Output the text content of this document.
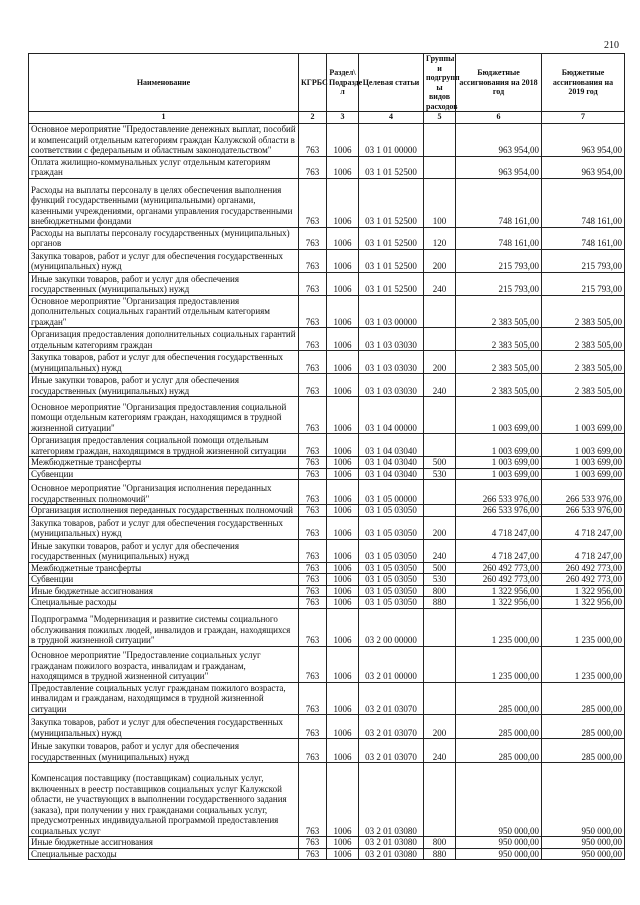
210
Наименование	КГРБС	Раздел\ Подразде л	Целевая статьи	Группы и подгрупп ы видов расходов	Бюджетные ассигнования на 2018 год	Бюджетные ассигнования на 2019 год
1	2	3	4	5	6	7
Основное мероприятие "Предоставление денежных выплат, пособий и компенсаций отдельным категориям граждан Калужской области в соответствии с федеральным и областным законодательством"	763	1006	03 1 01 00000		963 954,00	963 954,00
Оплата жилищно-коммунальных услуг отдельным категориям граждан	763	1006	03 1 01 52500		963 954,00	963 954,00
Расходы на выплаты персоналу в целях обеспечения выполнения функций государственными (муниципальными) органами, казенными учреждениями, органами управления государственными внебюджетными фондами	763	1006	03 1 01 52500	100	748 161,00	748 161,00
Расходы на выплаты персоналу государственных (муниципальных) органов	763	1006	03 1 01 52500	120	748 161,00	748 161,00
Закупка товаров, работ и услуг для обеспечения государственных (муниципальных) нужд	763	1006	03 1 01 52500	200	215 793,00	215 793,00
Иные закупки товаров, работ и услуг для обеспечения государственных (муниципальных) нужд	763	1006	03 1 01 52500	240	215 793,00	215 793,00
Основное мероприятие "Организация предоставления дополнительных социальных гарантий отдельным категориям граждан"	763	1006	03 1 03 00000		2 383 505,00	2 383 505,00
Организация предоставления дополнительных социальных гарантий отдельным категориям граждан	763	1006	03 1 03 03030		2 383 505,00	2 383 505,00
Закупка товаров, работ и услуг для обеспечения государственных (муниципальных) нужд	763	1006	03 1 03 03030	200	2 383 505,00	2 383 505,00
Иные закупки товаров, работ и услуг для обеспечения государственных (муниципальных) нужд	763	1006	03 1 03 03030	240	2 383 505,00	2 383 505,00
Основное мероприятие "Организация предоставления социальной помощи отдельным категориям граждан, находящимся в трудной жизненной ситуации"	763	1006	03 1 04 00000		1 003 699,00	1 003 699,00
Организация предоставления социальной помощи отдельным категориям граждан, находящимся в трудной жизненной ситуации	763	1006	03 1 04 03040		1 003 699,00	1 003 699,00
Межбюджетные трансферты	763	1006	03 1 04 03040	500	1 003 699,00	1 003 699,00
Субвенции	763	1006	03 1 04 03040	530	1 003 699,00	1 003 699,00
Основное мероприятие "Организация исполнения переданных государственных полномочий"	763	1006	03 1 05 00000		266 533 976,00	266 533 976,00
Организация исполнения переданных государственных полномочий	763	1006	03 1 05 03050		266 533 976,00	266 533 976,00
Закупка товаров, работ и услуг для обеспечения государственных (муниципальных) нужд	763	1006	03 1 05 03050	200	4 718 247,00	4 718 247,00
Иные закупки товаров, работ и услуг для обеспечения государственных (муниципальных) нужд	763	1006	03 1 05 03050	240	4 718 247,00	4 718 247,00
Межбюджетные трансферты	763	1006	03 1 05 03050	500	260 492 773,00	260 492 773,00
Субвенции	763	1006	03 1 05 03050	530	260 492 773,00	260 492 773,00
Иные бюджетные ассигнования	763	1006	03 1 05 03050	800	1 322 956,00	1 322 956,00
Специальные расходы	763	1006	03 1 05 03050	880	1 322 956,00	1 322 956,00
Подпрограмма "Модернизация и развитие системы социального обслуживания пожилых людей, инвалидов и граждан, находящихся в трудной жизненной ситуации"	763	1006	03 2 00 00000		1 235 000,00	1 235 000,00
Основное мероприятие "Предоставление социальных услуг гражданам пожилого возраста, инвалидам и гражданам, находящимся в трудной жизненной ситуации"	763	1006	03 2 01 00000		1 235 000,00	1 235 000,00
Предоставление социальных услуг гражданам пожилого возраста, инвалидам и гражданам, находящимся в трудной жизненной ситуации	763	1006	03 2 01 03070		285 000,00	285 000,00
Закупка товаров, работ и услуг для обеспечения государственных (муниципальных) нужд	763	1006	03 2 01 03070	200	285 000,00	285 000,00
Иные закупки товаров, работ и услуг для обеспечения государственных (муниципальных) нужд	763	1006	03 2 01 03070	240	285 000,00	285 000,00
Компенсация поставщику (поставщикам) социальных услуг, включенных в реестр поставщиков социальных услуг Калужской области, не участвующих в выполнении государственного задания (заказа), при получении у них гражданами социальных услуг, предусмотренных индивидуальной программой предоставления социальных услуг	763	1006	03 2 01 03080		950 000,00	950 000,00
Иные бюджетные ассигнования	763	1006	03 2 01 03080	800	950 000,00	950 000,00
Специальные расходы	763	1006	03 2 01 03080	880	950 000,00	950 000,00
